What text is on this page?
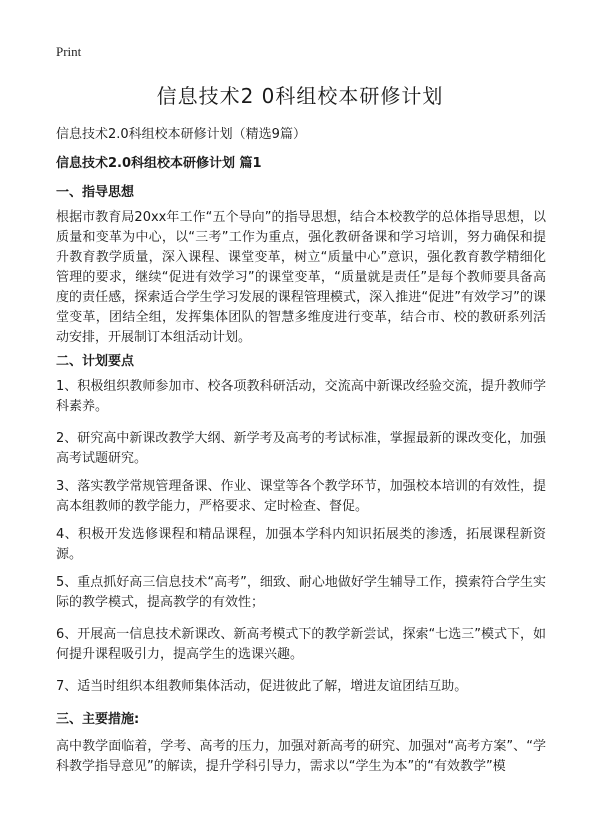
Print
信息技术2 0科组校本研修计划

信息技术2.0科组校本研修计划（精选9篇）

信息技术2.0科组校本研修计划 篇1

一、指导思想

根据市教育局20xx年工作“五个导向”的指导思想，结合本校教学的总体指导思想，以质量和变革为中心，以“三考”工作为重点，强化教研备课和学习培训，努力确保和提升教育教学质量，深入课程、课堂变革，树立“质量中心”意识，强化教育教学精细化管理的要求，继续“促进有效学习”的课堂变革，“质量就是责任”是每个教师要具备高度的责任感，探索适合学生学习发展的课程管理模式，深入推进“促进”有效学习”的课堂变革，团结全组，发挥集体团队的智慧多维度进行变革，结合市、校的教研系列活动安排，开展制订本组活动计划。

二、计划要点

1、积极组织教师参加市、校各项教科研活动，交流高中新课改经验交流，提升教师学科素养。

2、研究高中新课改教学大纲、新学考及高考的考试标准，掌握最新的课改变化，加强高考试题研究。

3、落实教学常规管理备课、作业、课堂等各个教学环节，加强校本培训的有效性，提高本组教师的教学能力，严格要求、定时检查、督促。

4、积极开发选修课程和精品课程，加强本学科内知识拓展类的渗透，拓展课程新资源。

5、重点抓好高三信息技术“高考”，细致、耐心地做好学生辅导工作，摸索符合学生实际的教学模式，提高教学的有效性；

6、开展高一信息技术新课改、新高考模式下的教学新尝试，探索“七选三”模式下，如何提升课程吸引力，提高学生的选课兴趣。

7、适当时组织本组教师集体活动，促进彼此了解，增进友谊团结互助。

三、主要措施:

高中教学面临着，学考、高考的压力，加强对新高考的研究、加强对“高考方案”、“学科教学指导意见”的解读，提升学科引导力，需求以“学生为本”的“有效教学”模
